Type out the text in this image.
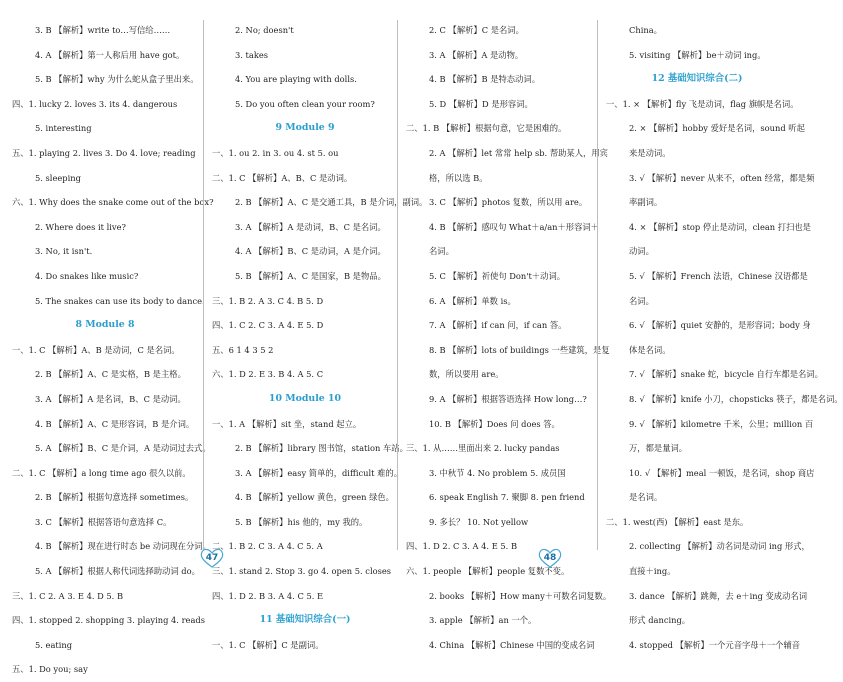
3. B 【解析】write to…写信给……
4. A 【解析】第一人称后用 have got。
5. B 【解析】why 为什么蛇从盒子里出来。
四、1. lucky 2. loves 3. its 4. dangerous
5. interesting
五、1. playing 2. lives 3. Do 4. love; reading
5. sleeping
六、1. Why does the snake come out of the box?
2. Where does it live?
3. No, it isn't.
4. Do snakes like music?
5. The snakes can use its body to dance.
8 Module 8
一、1. C 【解析】A、B 是动词，C 是名词。
2. B 【解析】A、C 是实格，B 是主格。
3. A 【解析】A 是名词，B、C 是动词。
4. B 【解析】A、C 是形容词，B 是介词。
5. A 【解析】B、C 是介词，A 是动词过去式。
二、1. C 【解析】a long time ago 很久以前。
2. B 【解析】根据句意选择 sometimes。
3. C 【解析】根据答语句意选择 C。
4. B 【解析】现在进行时态 be 动词现在分词。
5. A 【解析】根据人称代词选择助动词 do。
三、1. C 2. A 3. E 4. D 5. B
四、1. stopped 2. shopping 3. playing 4. reads
5. eating
五、1. Do you; say
2. No; doesn't
3. takes
4. You are playing with dolls.
5. Do you often clean your room?
9 Module 9
一、1. ou 2. in 3. ou 4. st 5. ou
二、1. C 【解析】A、B、C 是动词。
2. B 【解析】A、C 是交通工具，B 是介词，副词。
3. A 【解析】A 是动词，B、C 是名词。
4. A 【解析】B、C 是动词，A 是介词。
5. B 【解析】A、C 是国家，B 是物品。
三、1. B 2. A 3. C 4. B 5. D
四、1. C 2. C 3. A 4. E 5. D
五、6 1 4 3 5 2
六、1. D 2. E 3. B 4. A 5. C
10 Module 10
一、1. A 【解析】sit 坐，stand 起立。
2. B 【解析】library 图书馆，station 车站。
3. A 【解析】easy 简单的，difficult 难的。
4. B 【解析】yellow 黄色，green 绿色。
5. B 【解析】his 他的，my 我的。
二、1. B 2. C 3. A 4. C 5. A
三、1. stand 2. Stop 3. go 4. open 5. closes
四、1. D 2. B 3. A 4. C 5. E
11 基础知识综合(一)
一、1. C 【解析】C 是副词。
2. C 【解析】C 是名词。
3. A 【解析】A 是动物。
4. B 【解析】B 是特态动词。
5. D 【解析】D 是形容词。
二、1. B 【解析】根据句意，它是困难的。
2. A 【解析】let 常常 help sb. 帮助某人，用宾
格，所以选 B。
3. C 【解析】photos 复数，所以用 are。
4. B 【解析】感叹句 What＋a/an＋形容词＋
名词。
5. C 【解析】祈使句 Don't＋动词。
6. A 【解析】单数 is。
7. A 【解析】if can 问，if can 答。
8. B 【解析】lots of buildings 一些建筑，是复
数，所以要用 are。
9. A 【解析】根据答语选择 How long…?
10. B 【解析】Does 问 does 答。
三、1. 从……里面出来 2. lucky pandas
3. 中秋节 4. No problem 5. 成员国
6. speak English 7. 聚脚 8. pen friend
9. 多长？ 10. Not yellow
四、1. D 2. C 3. A 4. E 5. B
六、1. people 【解析】people 复数不变。
2. books 【解析】How many＋可数名词复数。
3. apple 【解析】an 一个。
4. China 【解析】Chinese 中国的变成名词
China。
5. visiting 【解析】be＋动词 ing。
12 基础知识综合(二)
一、1. × 【解析】fly 飞是动词，flag 旗帜是名词。
2. × 【解析】hobby 爱好是名词，sound 听起
来是动词。
3. √ 【解析】never 从来不，often 经常，都是频
率副词。
4. × 【解析】stop 停止是动词，clean 打扫也是
动词。
5. √ 【解析】French 法语，Chinese 汉语都是
名词。
6. √ 【解析】quiet 安静的，是形容词；body 身
体是名词。
7. √ 【解析】snake 蛇，bicycle 自行车都是名词。
8. √ 【解析】knife 小刀，chopsticks 筷子，都是名词。
9. √ 【解析】kilometre 千米，公里；million 百
万，都是量词。
10. √ 【解析】meal 一顿饭，是名词，shop 商店
是名词。
二、1. west(西) 【解析】east 是东。
2. collecting 【解析】动名词是动词 ing 形式，
直接＋ing。
3. dance 【解析】跳舞，去 e＋ing 变成动名词
形式 dancing。
4. stopped 【解析】一个元音字母＋一个辅音
47	48
